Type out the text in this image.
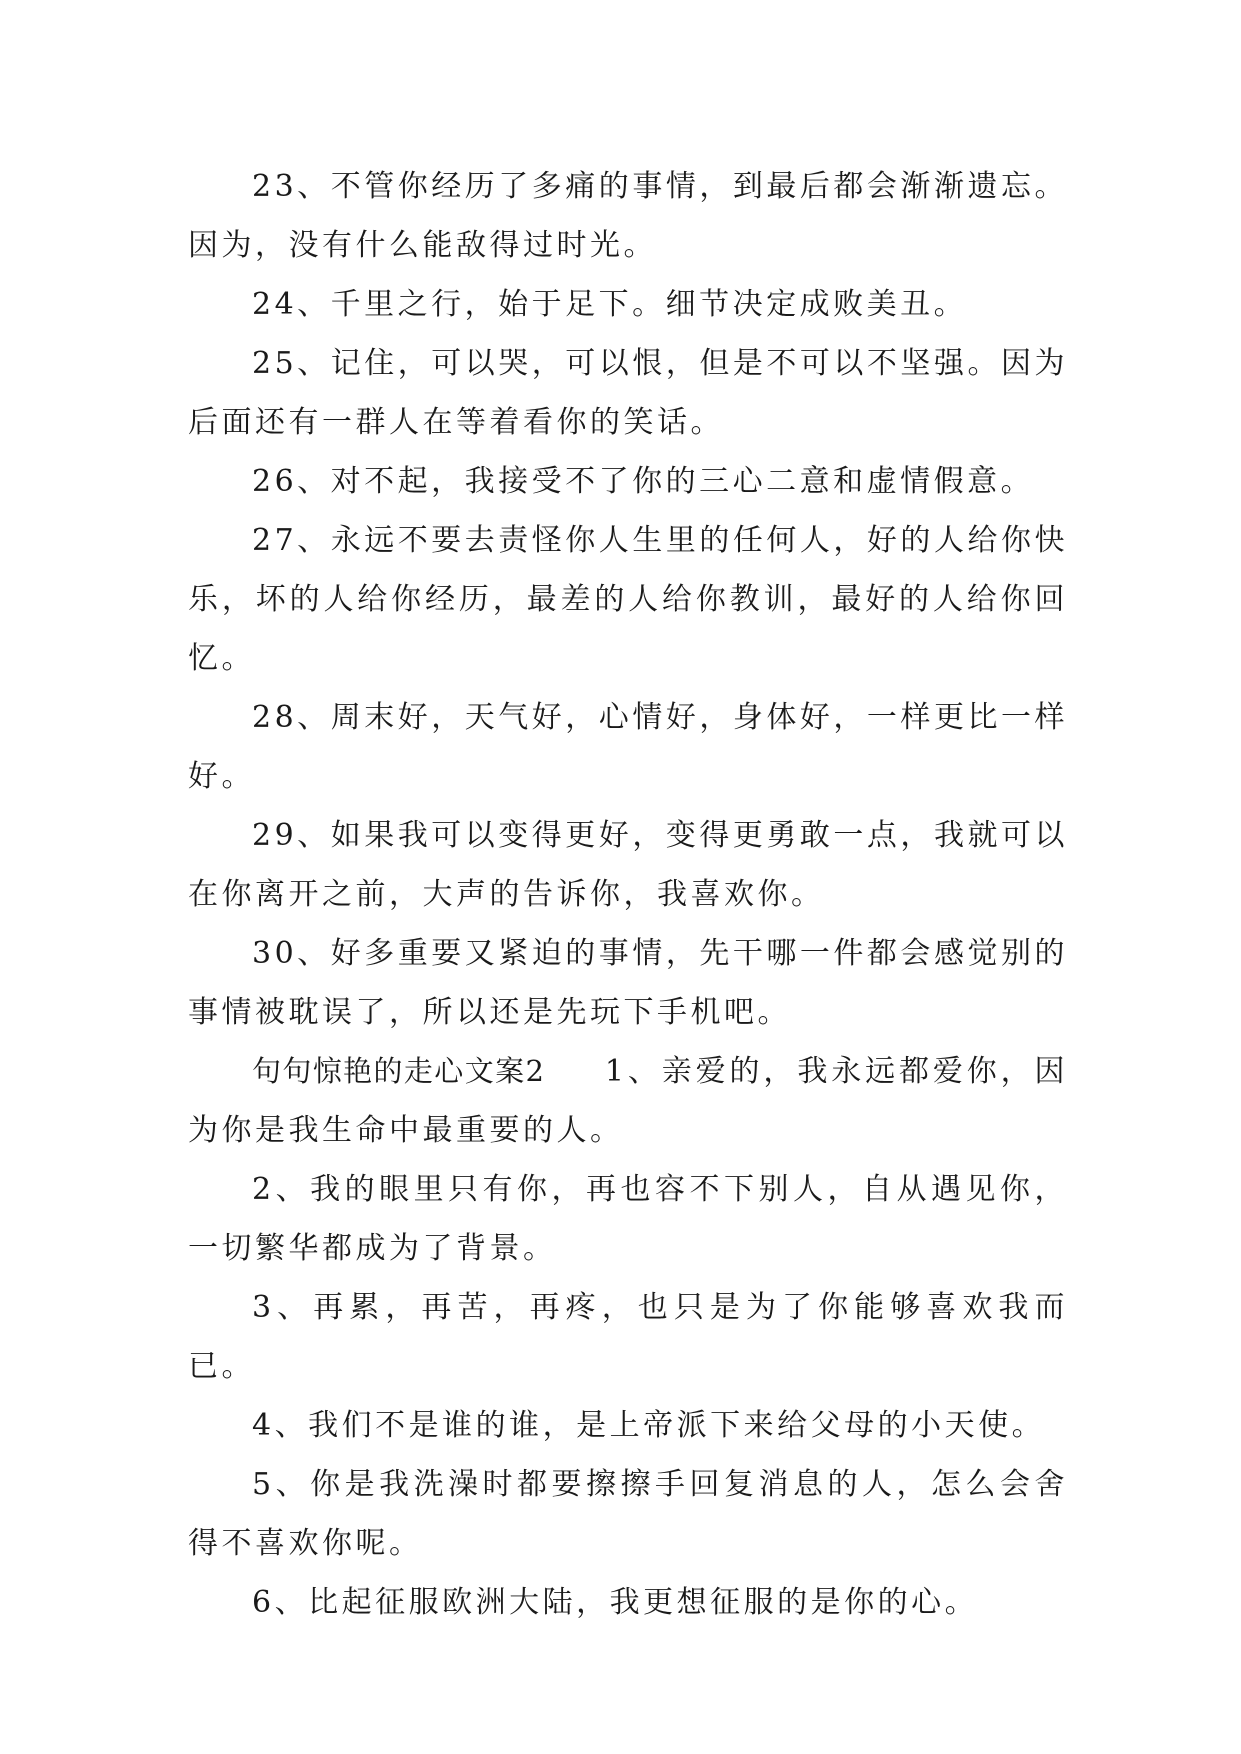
23、不管你经历了多痛的事情，到最后都会渐渐遗忘。因为，没有什么能敌得过时光。

24、千里之行，始于足下。细节决定成败美丑。

25、记住，可以哭，可以恨，但是不可以不坚强。因为后面还有一群人在等着看你的笑话。

26、对不起，我接受不了你的三心二意和虚情假意。

27、永远不要去责怪你人生里的任何人，好的人给你快乐，坏的人给你经历，最差的人给你教训，最好的人给你回忆。

28、周末好，天气好，心情好，身体好，一样更比一样好。

29、如果我可以变得更好，变得更勇敢一点，我就可以在你离开之前，大声的告诉你，我喜欢你。

30、好多重要又紧迫的事情，先干哪一件都会感觉别的事情被耽误了，所以还是先玩下手机吧。

句句惊艳的走心文案2 1、亲爱的，我永远都爱你，因为你是我生命中最重要的人。

2、我的眼里只有你，再也容不下别人，自从遇见你，一切繁华都成为了背景。

3、再累，再苦，再疼，也只是为了你能够喜欢我而已。

4、我们不是谁的谁，是上帝派下来给父母的小天使。

5、你是我洗澡时都要擦擦手回复消息的人，怎么会舍得不喜欢你呢。

6、比起征服欧洲大陆，我更想征服的是你的心。
